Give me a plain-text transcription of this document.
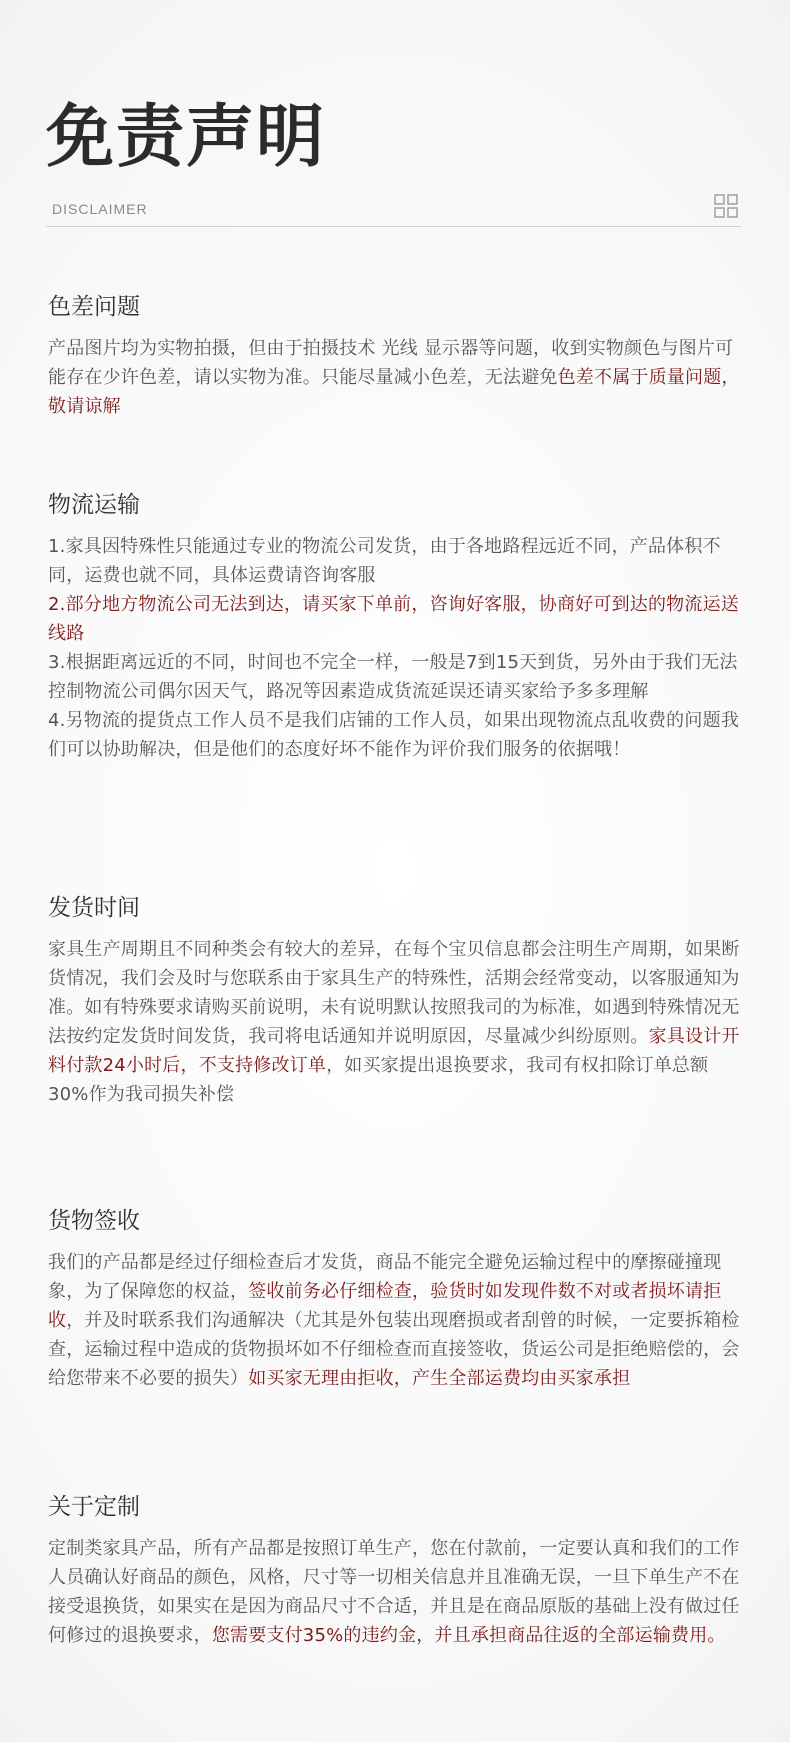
免责声明
DISCLAIMER
色差问题

产品图片均为实物拍摄，但由于拍摄技术 光线 显示器等问题，收到实物颜色与图片可能存在少许色差，请以实物为准。只能尽量减小色差，无法避免色差不属于质量问题，敬请谅解

物流运输

1.家具因特殊性只能通过专业的物流公司发货，由于各地路程远近不同，产品体积不同，运费也就不同，具体运费请咨询客服
2.部分地方物流公司无法到达，请买家下单前，咨询好客服，协商好可到达的物流运送线路
3.根据距离远近的不同，时间也不完全一样，一般是7到15天到货，另外由于我们无法控制物流公司偶尔因天气，路况等因素造成货流延误还请买家给予多多理解
4.另物流的提货点工作人员不是我们店铺的工作人员，如果出现物流点乱收费的问题我们可以协助解决，但是他们的态度好坏不能作为评价我们服务的依据哦！

发货时间

家具生产周期且不同种类会有较大的差异，在每个宝贝信息都会注明生产周期，如果断货情况，我们会及时与您联系由于家具生产的特殊性，活期会经常变动，以客服通知为准。如有特殊要求请购买前说明，未有说明默认按照我司的为标准，如遇到特殊情况无法按约定发货时间发货，我司将电话通知并说明原因，尽量减少纠纷原则。家具设计开料付款24小时后，不支持修改订单，如买家提出退换要求，我司有权扣除订单总额30%作为我司损失补偿

货物签收

我们的产品都是经过仔细检查后才发货，商品不能完全避免运输过程中的摩擦碰撞现象，为了保障您的权益，签收前务必仔细检查，验货时如发现件数不对或者损坏请拒收，并及时联系我们沟通解决（尤其是外包装出现磨损或者刮曾的时候，一定要拆箱检查，运输过程中造成的货物损坏如不仔细检查而直接签收，货运公司是拒绝赔偿的，会给您带来不必要的损失）如买家无理由拒收，产生全部运费均由买家承担

关于定制

定制类家具产品，所有产品都是按照订单生产，您在付款前，一定要认真和我们的工作人员确认好商品的颜色，风格，尺寸等一切相关信息并且准确无误，一旦下单生产不在接受退换货，如果实在是因为商品尺寸不合适，并且是在商品原版的基础上没有做过任何修过的退换要求，您需要支付35%的违约金，并且承担商品往返的全部运输费用。
